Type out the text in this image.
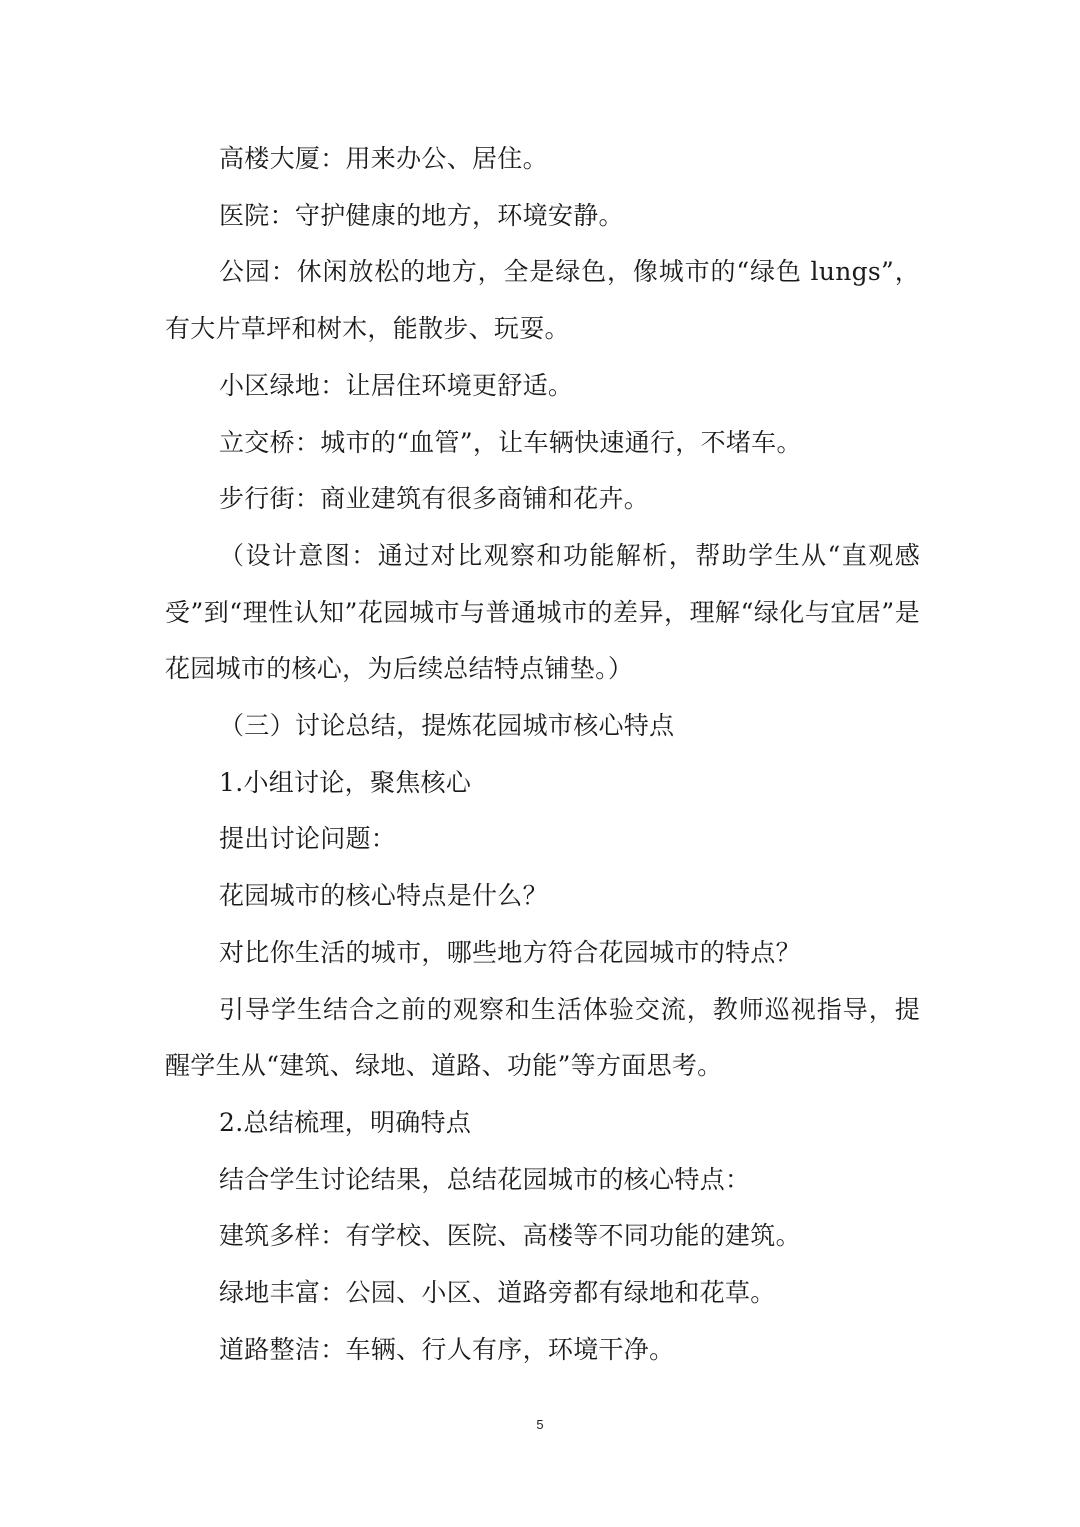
高楼大厦：用来办公、居住。

医院：守护健康的地方，环境安静。

公园：休闲放松的地方，全是绿色，像城市的“绿色 lungs”，有大片草坪和树木，能散步、玩耍。

小区绿地：让居住环境更舒适。

立交桥：城市的“血管”，让车辆快速通行，不堵车。

步行街：商业建筑有很多商铺和花卉。

（设计意图：通过对比观察和功能解析，帮助学生从“直观感受”到“理性认知”花园城市与普通城市的差异，理解“绿化与宜居”是花园城市的核心，为后续总结特点铺垫。）

（三）讨论总结，提炼花园城市核心特点

1.小组讨论，聚焦核心

提出讨论问题：

花园城市的核心特点是什么？

对比你生活的城市，哪些地方符合花园城市的特点？

引导学生结合之前的观察和生活体验交流，教师巡视指导，提醒学生从“建筑、绿地、道路、功能”等方面思考。

2.总结梳理，明确特点

结合学生讨论结果，总结花园城市的核心特点：

建筑多样：有学校、医院、高楼等不同功能的建筑。

绿地丰富：公园、小区、道路旁都有绿地和花草。

道路整洁：车辆、行人有序，环境干净。

5
